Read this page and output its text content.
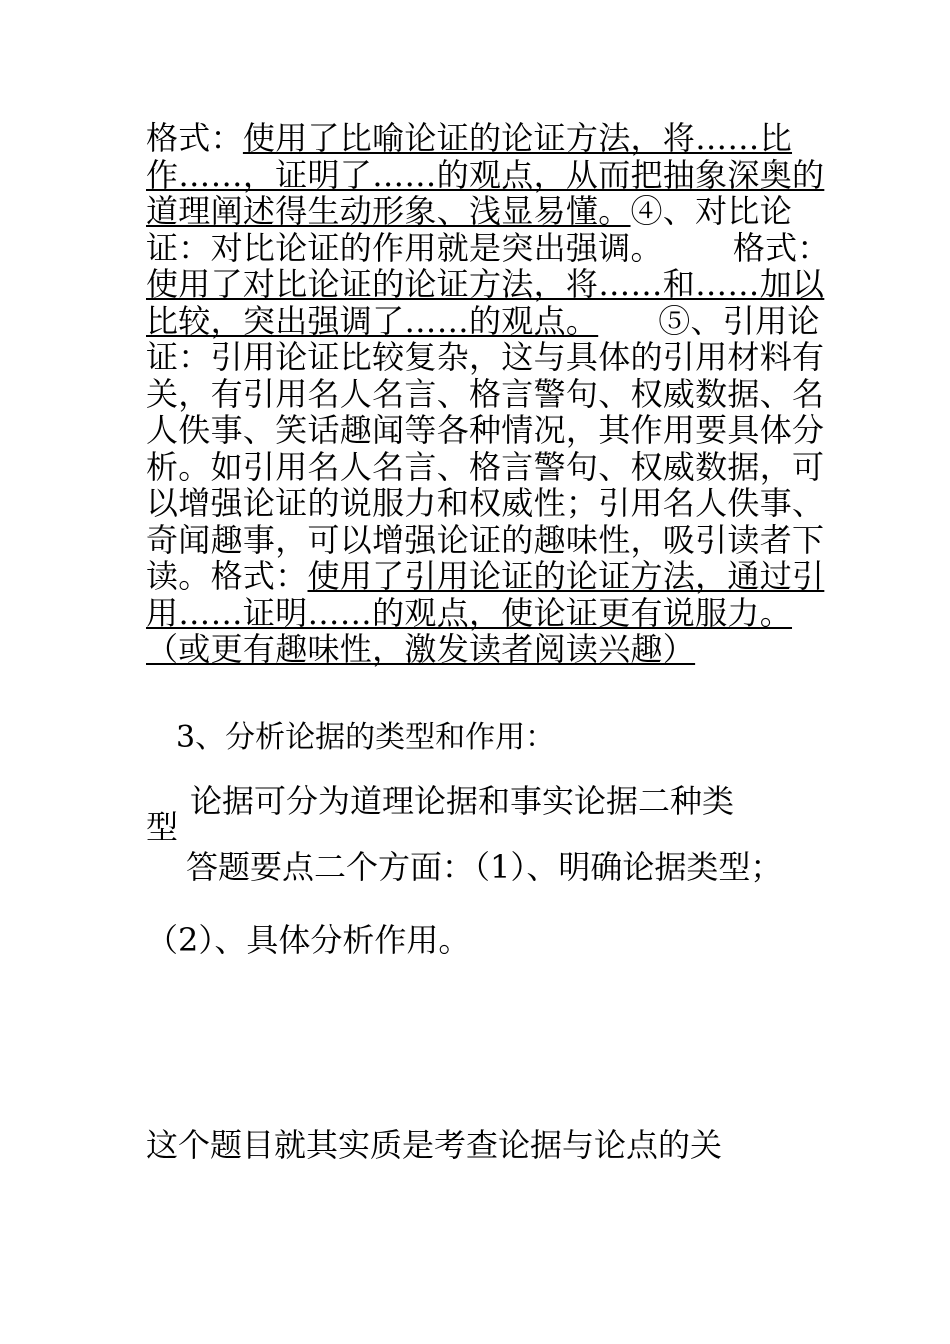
格式：使用了比喻论证的论证方法，将……比作……，证明了……的观点，从而把抽象深奥的道理阐述得生动形象、浅显易懂。④、对比论证：对比论证的作用就是突出强调。 格式：使用了对比论证的论证方法，将……和……加以比较，突出强调了……的观点。 ⑤、引用论证：引用论证比较复杂，这与具体的引用材料有关，有引用名人名言、格言警句、权威数据、名人佚事、笑话趣闻等各种情况，其作用要具体分析。如引用名人名言、格言警句、权威数据，可以增强论证的说服力和权威性；引用名人佚事、奇闻趣事，可以增强论证的趣味性，吸引读者下读。格式：使用了引用论证的论证方法，通过引用……证明……的观点，使论证更有说服力。（或更有趣味性，激发读者阅读兴趣）
3、分析论据的类型和作用：
论据可分为道理论据和事实论据二种类
型
答题要点二个方面：（1）、明确论据类型；
（2）、具体分析作用。
这个题目就其实质是考查论据与论点的关
